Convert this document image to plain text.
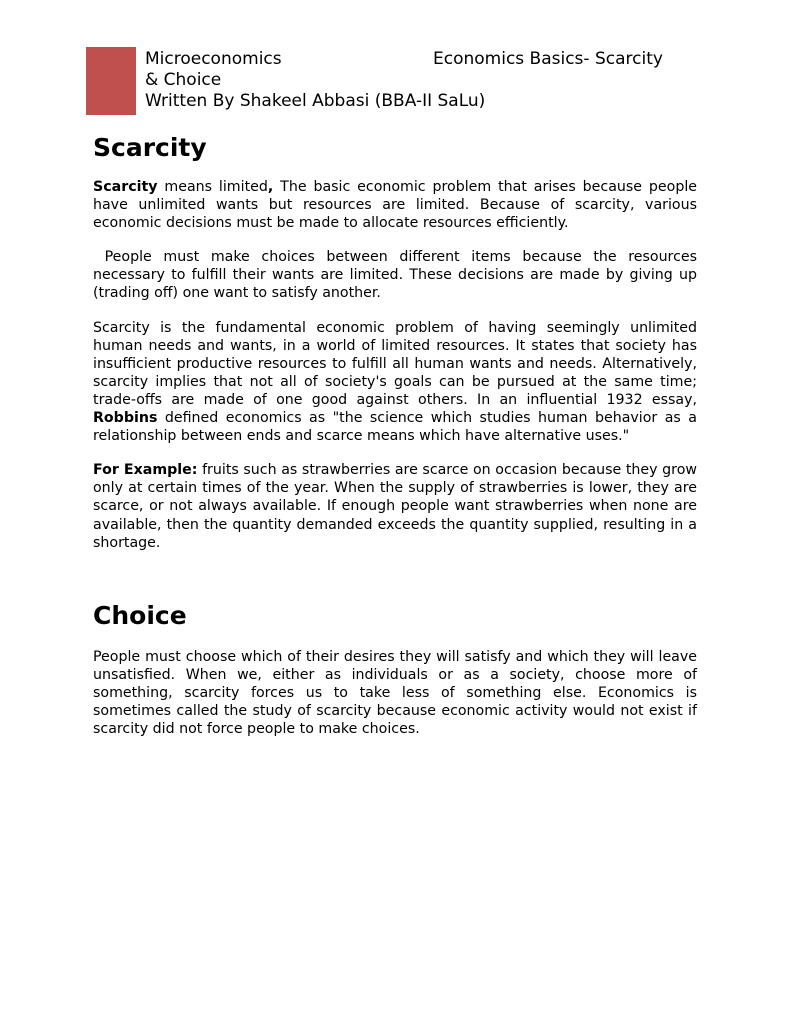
Microeconomics	Economics Basics- Scarcity
& Choice
Written By Shakeel Abbasi (BBA-II SaLu)
Scarcity

Scarcity means limited, The basic economic problem that arises because people have unlimited wants but resources are limited. Because of scarcity, various economic decisions must be made to allocate resources efficiently.

People must make choices between different items because the resources necessary to fulfill their wants are limited. These decisions are made by giving up (trading off) one want to satisfy another.

Scarcity is the fundamental economic problem of having seemingly unlimited human needs and wants, in a world of limited resources. It states that society has insufficient productive resources to fulfill all human wants and needs. Alternatively, scarcity implies that not all of society's goals can be pursued at the same time; trade-offs are made of one good against others. In an influential 1932 essay, Robbins defined economics as "the science which studies human behavior as a relationship between ends and scarce means which have alternative uses."

For Example: fruits such as strawberries are scarce on occasion because they grow only at certain times of the year. When the supply of strawberries is lower, they are scarce, or not always available. If enough people want strawberries when none are available, then the quantity demanded exceeds the quantity supplied, resulting in a shortage.

Choice

People must choose which of their desires they will satisfy and which they will leave unsatisfied. When we, either as individuals or as a society, choose more of something, scarcity forces us to take less of something else. Economics is sometimes called the study of scarcity because economic activity would not exist if scarcity did not force people to make choices.
